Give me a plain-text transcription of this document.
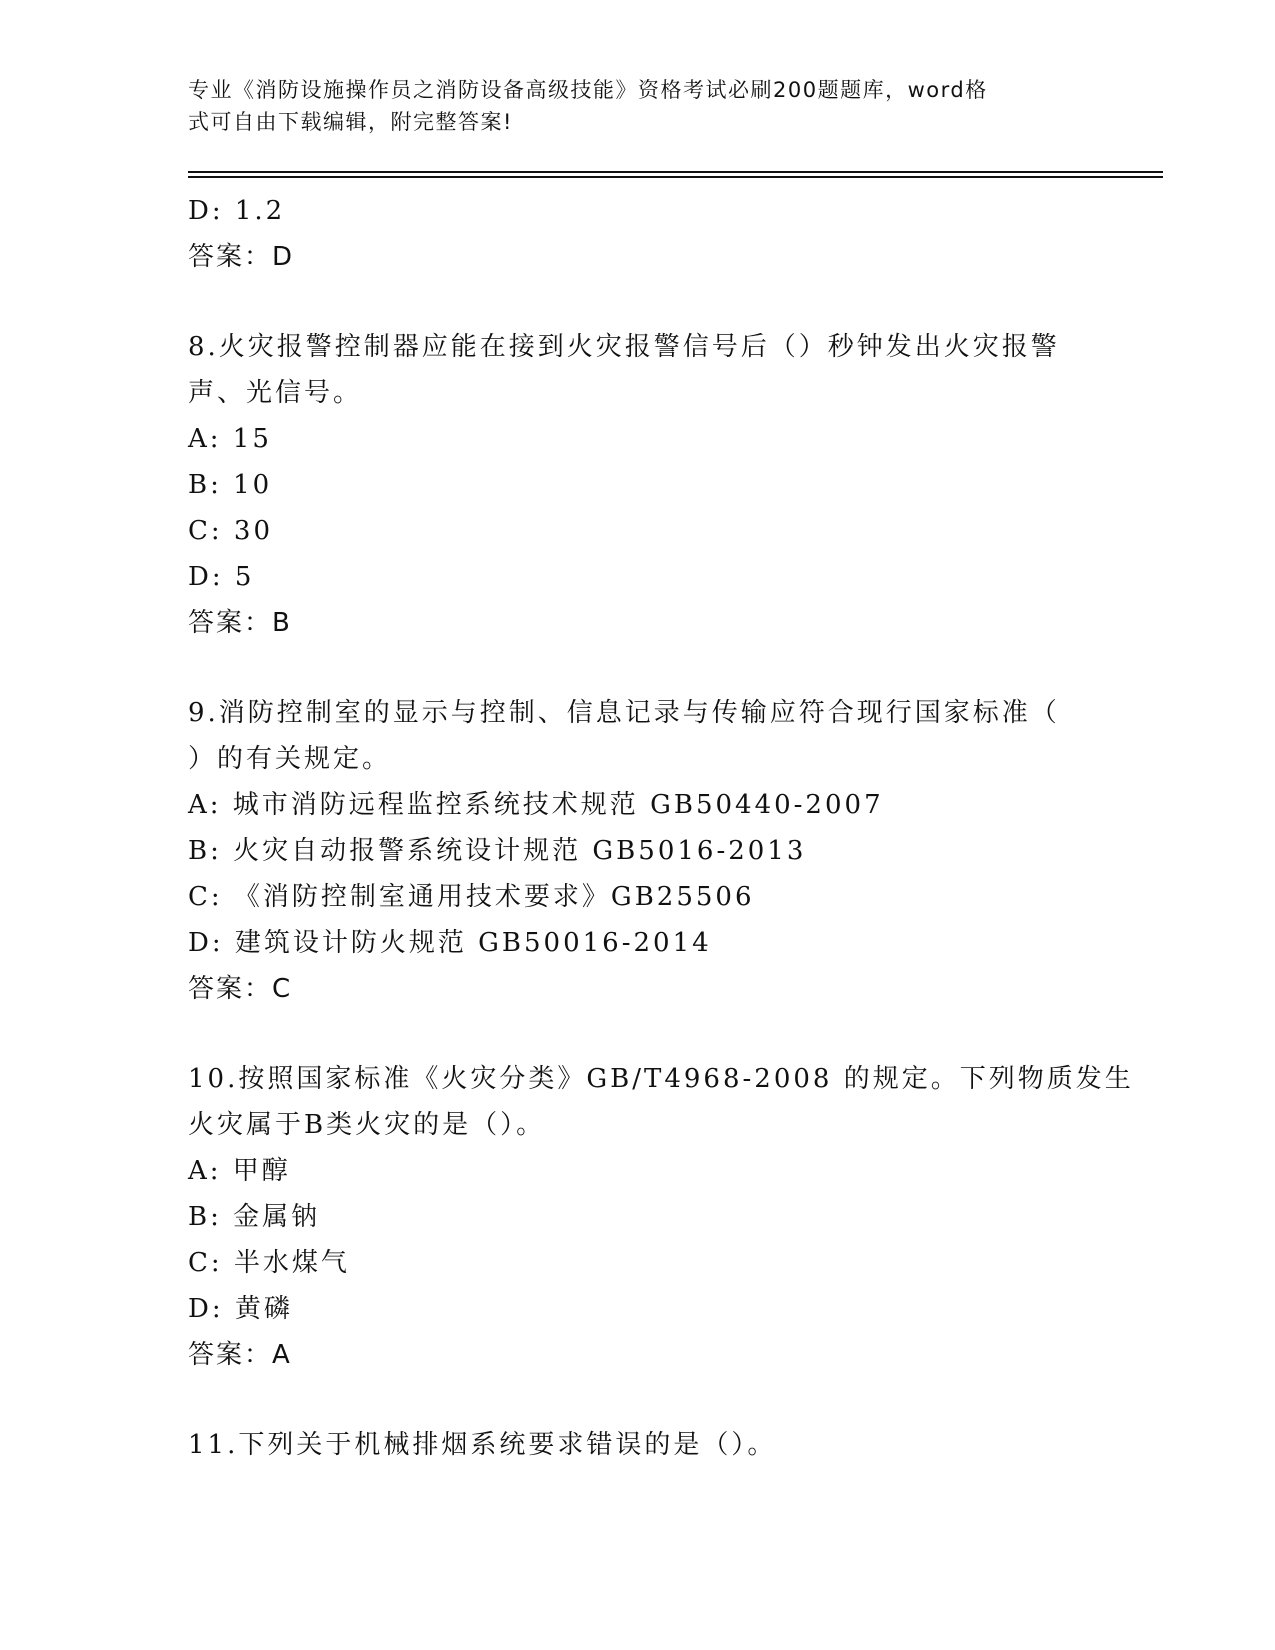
专业《消防设施操作员之消防设备高级技能》资格考试必刷200题题库，word格
式可自由下载编辑，附完整答案!
D: 1.2
答案：D
8.火灾报警控制器应能在接到火灾报警信号后（）秒钟发出火灾报警
声、光信号。
A: 15
B: 10
C: 30
D: 5
答案：B
9.消防控制室的显示与控制、信息记录与传输应符合现行国家标准（
）的有关规定。
A: 城市消防远程监控系统技术规范 GB50440-2007
B: 火灾自动报警系统设计规范 GB5016-2013
C: 《消防控制室通用技术要求》GB25506
D: 建筑设计防火规范 GB50016-2014
答案：C
10.按照国家标准《火灾分类》GB/T4968-2008 的规定。下列物质发生
火灾属于B类火灾的是（）。
A: 甲醇
B: 金属钠
C: 半水煤气
D: 黄磷
答案：A
11.下列关于机械排烟系统要求错误的是（）。
